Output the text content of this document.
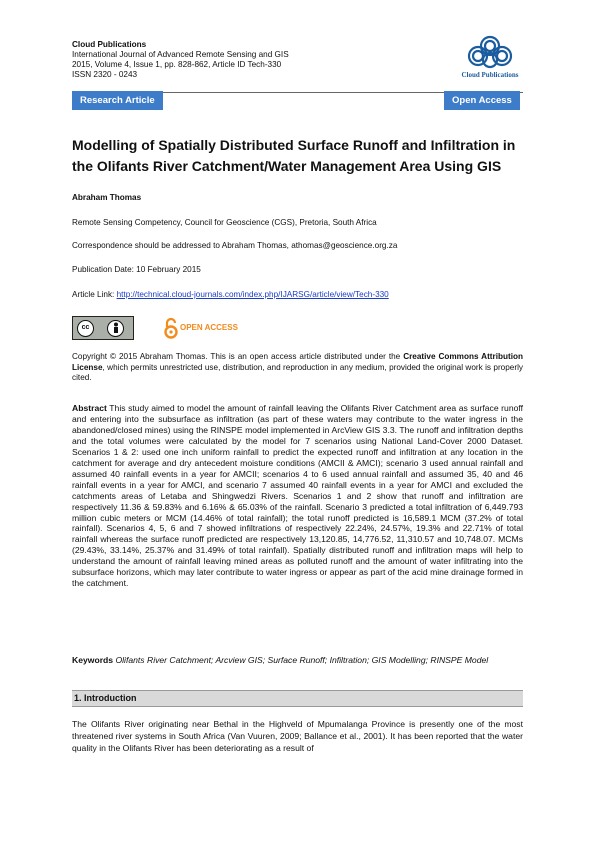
Cloud Publications
International Journal of Advanced Remote Sensing and GIS
2015, Volume 4, Issue 1, pp. 828-862, Article ID Tech-330
ISSN 2320 - 0243	Cloud Publications
Research Article	Open Access
Modelling of Spatially Distributed Surface Runoff and Infiltration in the Olifants River Catchment/Water Management Area Using GIS
Abraham Thomas
Remote Sensing Competency, Council for Geoscience (CGS), Pretoria, South Africa
Correspondence should be addressed to Abraham Thomas, athomas@geoscience.org.za
Publication Date: 10 February 2015
Article Link: http://technical.cloud-journals.com/index.php/IJARSG/article/view/Tech-330
cc	OPEN ACCESS
Copyright © 2015 Abraham Thomas. This is an open access article distributed under the Creative Commons Attribution License, which permits unrestricted use, distribution, and reproduction in any medium, provided the original work is properly cited.
Abstract This study aimed to model the amount of rainfall leaving the Olifants River Catchment area as surface runoff and entering into the subsurface as infiltration (as part of these waters may contribute to the water ingress in the abandoned/closed mines) using the RINSPE model implemented in ArcView GIS 3.3. The runoff and infiltration depths and the total volumes were calculated by the model for 7 scenarios using National Land-Cover 2000 Dataset. Scenarios 1 & 2: used one inch uniform rainfall to predict the expected runoff and infiltration at any location in the catchment for average and dry antecedent moisture conditions (AMCII & AMCI); scenario 3 used annual rainfall and assumed 40 rainfall events in a year for AMCII; scenarios 4 to 6 used annual rainfall and assumed 35, 40 and 46 rainfall events in a year for AMCI, and scenario 7 assumed 40 rainfall events in a year for AMCI and excluded the catchments areas of Letaba and Shingwedzi Rivers. Scenarios 1 and 2 show that runoff and infiltration are respectively 11.36 & 59.83% and 6.16% & 65.03% of the rainfall. Scenario 3 predicted a total infiltration of 6,449.793 million cubic meters or MCM (14.46% of total rainfall); the total runoff predicted is 16,589.1 MCM (37.2% of total rainfall). Scenarios 4, 5, 6 and 7 showed infiltrations of respectively 22.24%, 24.57%, 19.3% and 22.71% of total rainfall whereas the surface runoff predicted are respectively 13,120.85, 14,776.52, 11,310.57 and 10,748.07. MCMs (29.43%, 33.14%, 25.37% and 31.49% of total rainfall). Spatially distributed runoff and infiltration maps will help to understand the amount of rainfall leaving mined areas as polluted runoff and the amount of water infiltrating into the subsurface horizons, which may later contribute to water ingress or appear as part of the acid mine drainage formed in the catchment.
Keywords Olifants River Catchment; Arcview GIS; Surface Runoff; Infiltration; GIS Modelling; RINSPE Model
1. Introduction
The Olifants River originating near Bethal in the Highveld of Mpumalanga Province is presently one of the most threatened river systems in South Africa (Van Vuuren, 2009; Ballance et al., 2001). It has been reported that the water quality in the Olifants River has been deteriorating as a result of
